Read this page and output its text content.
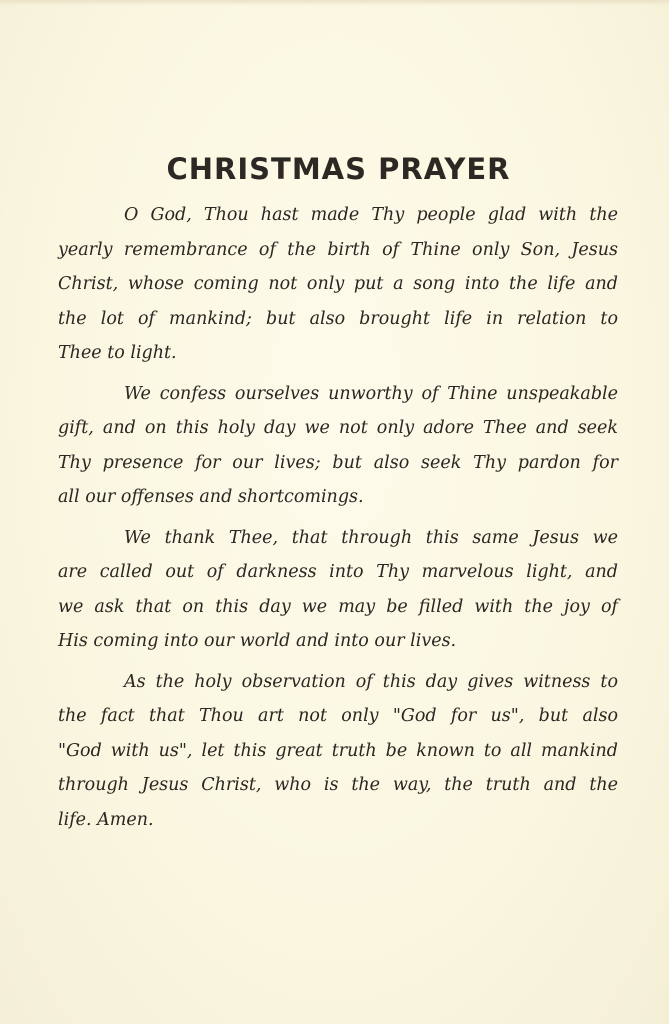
CHRISTMAS PRAYER
O God, Thou hast made Thy people glad with the
yearly remembrance of the birth of Thine only Son, Jesus
Christ, whose coming not only put a song into the life and
the lot of mankind; but also brought life in relation to
Thee to light.
We confess ourselves unworthy of Thine unspeakable
gift, and on this holy day we not only adore Thee and seek
Thy presence for our lives; but also seek Thy pardon for
all our offenses and shortcomings.
We thank Thee, that through this same Jesus we
are called out of darkness into Thy marvelous light, and
we ask that on this day we may be filled with the joy of
His coming into our world and into our lives.
As the holy observation of this day gives witness to
the fact that Thou art not only "God for us", but also
"God with us", let this great truth be known to all mankind
through Jesus Christ, who is the way, the truth and the
life. Amen.
